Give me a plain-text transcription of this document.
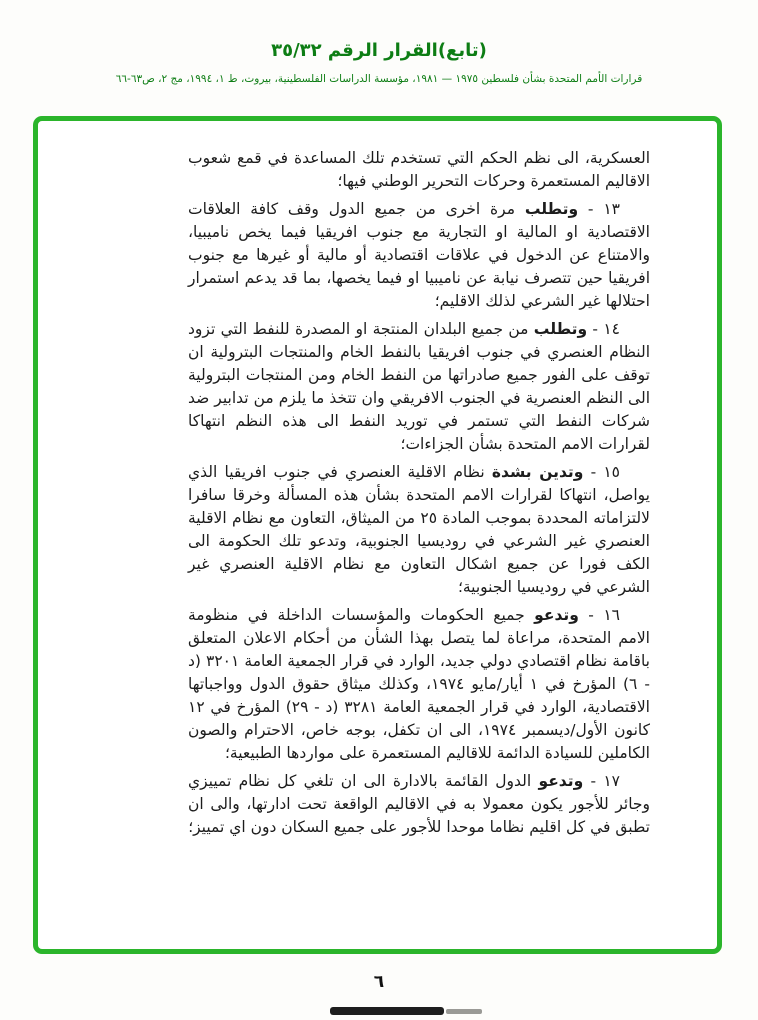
(تابع)القرار الرقم ٣٥/٣٢
قرارات الأمم المتحدة بشأن فلسطين ١٩٧٥ — ١٩٨١، مؤسسة الدراسات الفلسطينية، بيروت، ط ١، ١٩٩٤، مج ٢، ص٦٣-٦٦

العسكرية، الى نظم الحكم التي تستخدم تلك المساعدة في قمع شعوب الاقاليم المستعمرة وحركات التحرير الوطني فيها؛

١٣ - وتطلب مرة اخرى من جميع الدول وقف كافة العلاقات الاقتصادية او المالية او التجارية مع جنوب افريقيا فيما يخص ناميبيا، والامتناع عن الدخول في علاقات اقتصادية أو مالية أو غيرها مع جنوب افريقيا حين تتصرف نيابة عن ناميبيا او فيما يخصها، بما قد يدعم استمرار احتلالها غير الشرعي لذلك الاقليم؛

١٤ - وتطلب من جميع البلدان المنتجة او المصدرة للنفط التي تزود النظام العنصري في جنوب افريقيا بالنفط الخام والمنتجات البترولية ان توقف على الفور جميع صادراتها من النفط الخام ومن المنتجات البترولية الى النظم العنصرية في الجنوب الافريقي وان تتخذ ما يلزم من تدابير ضد شركات النفط التي تستمر في توريد النفط الى هذه النظم انتهاكا لقرارات الامم المتحدة بشأن الجزاءات؛

١٥ - وتدين بشدة نظام الاقلية العنصري في جنوب افريقيا الذي يواصل، انتهاكا لقرارات الامم المتحدة بشأن هذه المسألة وخرقا سافرا لالتزاماته المحددة بموجب المادة ٢٥ من الميثاق، التعاون مع نظام الاقلية العنصري غير الشرعي في روديسيا الجنوبية، وتدعو تلك الحكومة الى الكف فورا عن جميع اشكال التعاون مع نظام الاقلية العنصري غير الشرعي في روديسيا الجنوبية؛

١٦ - وتدعو جميع الحكومات والمؤسسات الداخلة في منظومة الامم المتحدة، مراعاة لما يتصل بهذا الشأن من أحكام الاعلان المتعلق باقامة نظام اقتصادي دولي جديد، الوارد في قرار الجمعية العامة ٣٢٠١ (د - ٦) المؤرخ في ١ أيار/مايو ١٩٧٤، وكذلك ميثاق حقوق الدول وواجباتها الاقتصادية، الوارد في قرار الجمعية العامة ٣٢٨١ (د - ٢٩) المؤرخ في ١٢ كانون الأول/ديسمبر ١٩٧٤، الى ان تكفل، بوجه خاص، الاحترام والصون الكاملين للسيادة الدائمة للاقاليم المستعمرة على مواردها الطبيعية؛

١٧ - وتدعو الدول القائمة بالادارة الى ان تلغي كل نظام تمييزي وجائر للأجور يكون معمولا به في الاقاليم الواقعة تحت ادارتها، والى ان تطبق في كل اقليم نظاما موحدا للأجور على جميع السكان دون اي تمييز؛

٦
